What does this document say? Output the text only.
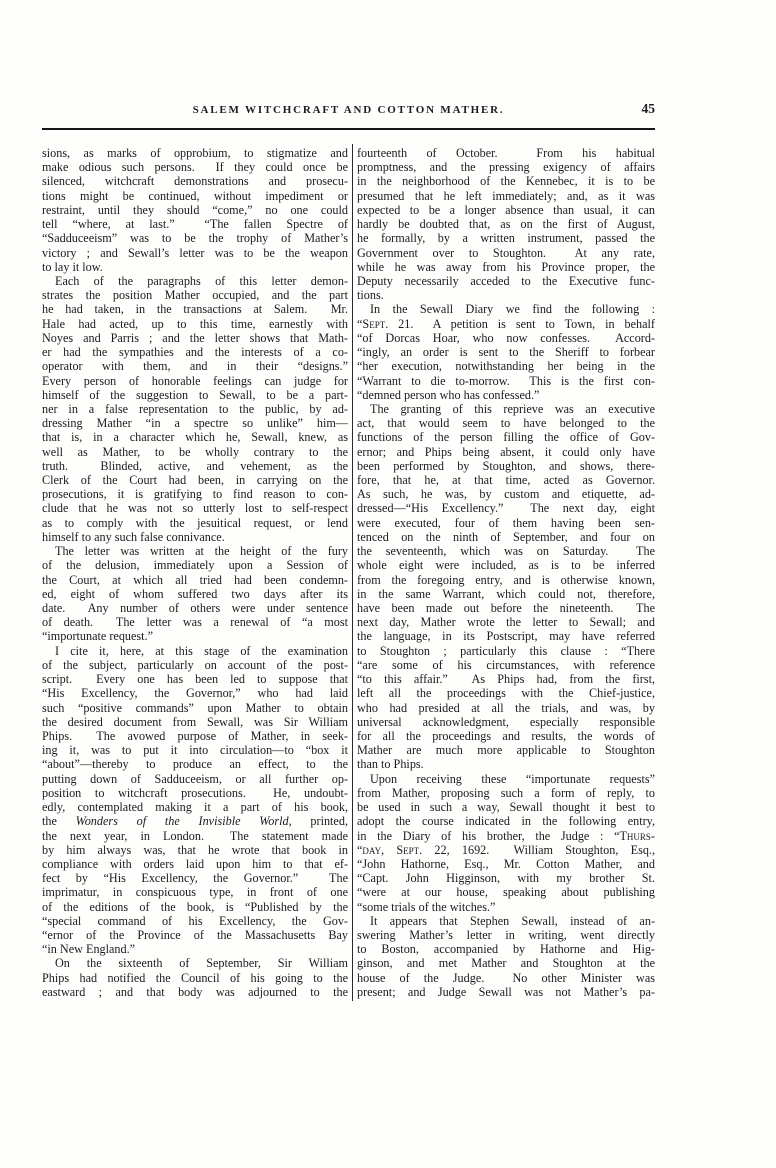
SALEM WITCHCRAFT AND COTTON MATHER.	45
sions, as marks of opprobium, to stigmatize and
make odious such persons.  If they could once be
silenced, witchcraft demonstrations and prosecu-
tions might be continued, without impediment or
restraint, until they should “come,” no one could
tell “where, at last.”  “The fallen Spectre of
“Sadduceeism” was to be the trophy of Mather’s
victory ; and Sewall’s letter was to be the weapon
to lay it low.
Each of the paragraphs of this letter demon-
strates the position Mather occupied, and the part
he had taken, in the transactions at Salem.  Mr.
Hale had acted, up to this time, earnestly with
Noyes and Parris ; and the letter shows that Math-
er had the sympathies and the interests of a co-
operator with them, and in their “designs.”
Every person of honorable feelings can judge for
himself of the suggestion to Sewall, to be a part-
ner in a false representation to the public, by ad-
dressing Mather “in a spectre so unlike” him—
that is, in a character which he, Sewall, knew, as
well as Mather, to be wholly contrary to the
truth.  Blinded, active, and vehement, as the
Clerk of the Court had been, in carrying on the
prosecutions, it is gratifying to find reason to con-
clude that he was not so utterly lost to self-respect
as to comply with the jesuitical request, or lend
himself to any such false connivance.
The letter was written at the height of the fury
of the delusion, immediately upon a Session of
the Court, at which all tried had been condemn-
ed, eight of whom suffered two days after its
date.  Any number of others were under sentence
of death.  The letter was a renewal of “a most
“importunate request.”
I cite it, here, at this stage of the examination
of the subject, particularly on account of the post-
script.  Every one has been led to suppose that
“His Excellency, the Governor,” who had laid
such “positive commands” upon Mather to obtain
the desired document from Sewall, was Sir William
Phips.  The avowed purpose of Mather, in seek-
ing it, was to put it into circulation—to “box it
“about”—thereby to produce an effect, to the
putting down of Sadduceeism, or all further op-
position to witchcraft prosecutions.  He, undoubt-
edly, contemplated making it a part of his book,
the Wonders of the Invisible World, printed,
the next year, in London.  The statement made
by him always was, that he wrote that book in
compliance with orders laid upon him to that ef-
fect by “His Excellency, the Governor.”  The
imprimatur, in conspicuous type, in front of one
of the editions of the book, is “Published by the
“special command of his Excellency, the Gov-
“ernor of the Province of the Massachusetts Bay
“in New England.”
On the sixteenth of September, Sir William
Phips had notified the Council of his going to the
eastward ; and that body was adjourned to the
fourteenth of October.  From his habitual
promptness, and the pressing exigency of affairs
in the neighborhood of the Kennebec, it is to be
presumed that he left immediately; and, as it was
expected to be a longer absence than usual, it can
hardly be doubted that, as on the first of August,
he formally, by a written instrument, passed the
Government over to Stoughton.  At any rate,
while he was away from his Province proper, the
Deputy necessarily acceded to the Executive func-
tions.
In the Sewall Diary we find the following :
“Sept. 21.  A petition is sent to Town, in behalf
“of Dorcas Hoar, who now confesses.  Accord-
“ingly, an order is sent to the Sheriff to forbear
“her execution, notwithstanding her being in the
“Warrant to die to-morrow.  This is the first con-
“demned person who has confessed.”
The granting of this reprieve was an executive
act, that would seem to have belonged to the
functions of the person filling the office of Gov-
ernor; and Phips being absent, it could only have
been performed by Stoughton, and shows, there-
fore, that he, at that time, acted as Governor.
As such, he was, by custom and etiquette, ad-
dressed—“His Excellency.”  The next day, eight
were executed, four of them having been sen-
tenced on the ninth of September, and four on
the seventeenth, which was on Saturday.  The
whole eight were included, as is to be inferred
from the foregoing entry, and is otherwise known,
in the same Warrant, which could not, therefore,
have been made out before the nineteenth.  The
next day, Mather wrote the letter to Sewall; and
the language, in its Postscript, may have referred
to Stoughton ; particularly this clause : “There
“are some of his circumstances, with reference
“to this affair.”  As Phips had, from the first,
left all the proceedings with the Chief-justice,
who had presided at all the trials, and was, by
universal acknowledgment, especially responsible
for all the proceedings and results, the words of
Mather are much more applicable to Stoughton
than to Phips.
Upon receiving these “importunate requests”
from Mather, proposing such a form of reply, to
be used in such a way, Sewall thought it best to
adopt the course indicated in the following entry,
in the Diary of his brother, the Judge : “Thurs-
“day, Sept. 22, 1692.  William Stoughton, Esq.,
“John Hathorne, Esq., Mr. Cotton Mather, and
“Capt. John Higginson, with my brother St.
“were at our house, speaking about publishing
“some trials of the witches.”
It appears that Stephen Sewall, instead of an-
swering Mather’s letter in writing, went directly
to Boston, accompanied by Hathorne and Hig-
ginson, and met Mather and Stoughton at the
house of the Judge.  No other Minister was
present; and Judge Sewall was not Mather’s pa-
